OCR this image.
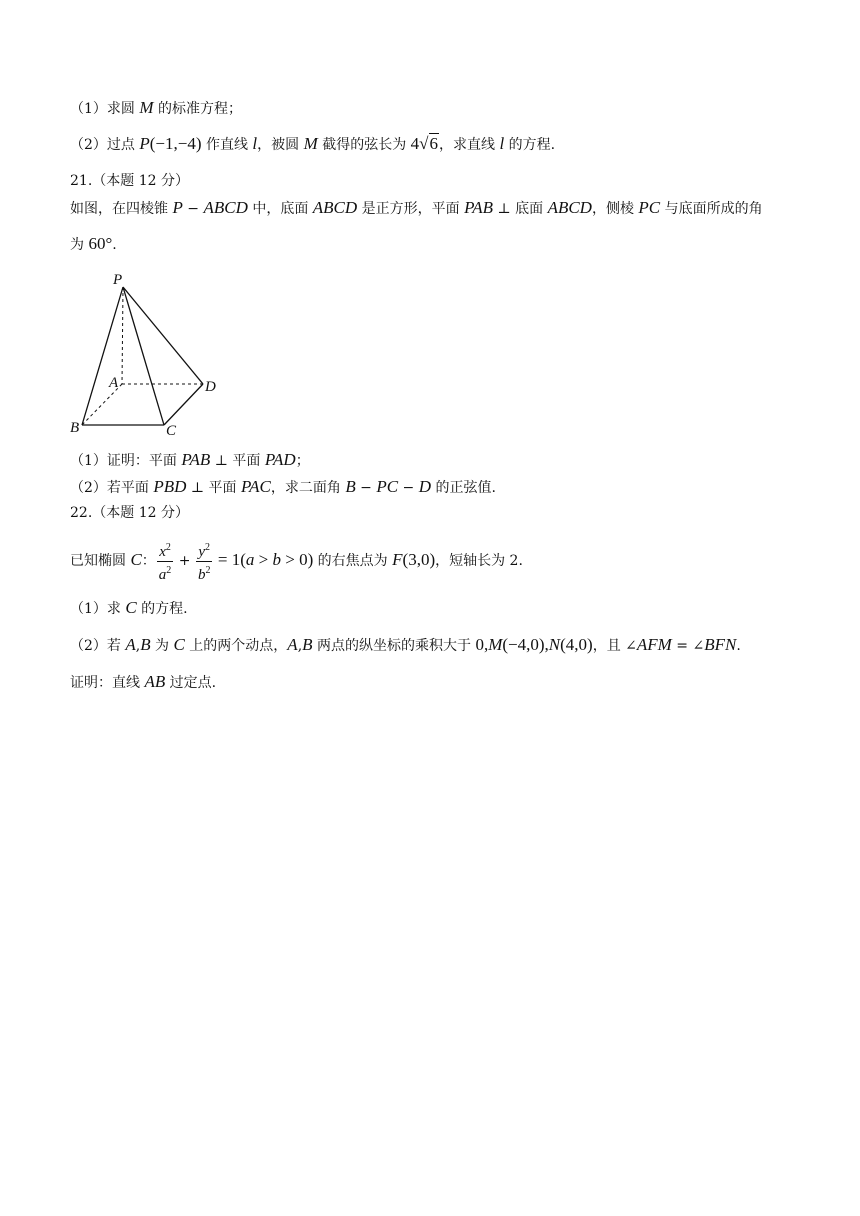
（1）求圆 M 的标准方程；
（2）过点 P(−1,−4) 作直线 l，被圆 M 截得的弦长为 4√6，求直线 l 的方程.
21.（本题 12 分）
如图，在四棱锥 P − ABCD 中，底面 ABCD 是正方形，平面 PAB ⊥ 底面 ABCD，侧棱 PC 与底面所成的角
为 60°.
P
A	D
B	C
（1）证明：平面 PAB ⊥ 平面 PAD；
（2）若平面 PBD ⊥ 平面 PAC，求二面角 B − PC − D 的正弦值.
22.（本题 12 分）
已知椭圆 C： $\frac{x^2}{a^2} + \frac{y^2}{b^2} = 1(a > b > 0)$ 的右焦点为 F(3,0)，短轴长为 2.
（1）求 C 的方程.
（2）若 A,B 为 C 上的两个动点，A,B 两点的纵坐标的乘积大于 0,M(−4,0),N(4,0)，且 ∠AFM = ∠BFN.
证明：直线 AB 过定点.
